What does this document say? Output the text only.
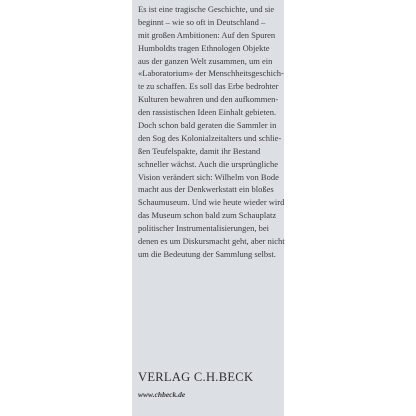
Es ist eine tragische Geschichte, und sie
beginnt – wie so oft in Deutschland –
mit großen Ambitionen: Auf den Spuren
Humboldts tragen Ethnologen Objekte
aus der ganzen Welt zusammen, um ein
«Laboratorium» der Menschheitsgeschich-
te zu schaffen. Es soll das Erbe bedrohter
Kulturen bewahren und den aufkommen-
den rassistischen Ideen Einhalt gebieten.
Doch schon bald geraten die Sammler in
den Sog des Kolonialzeitalters und schlie-
ßen Teufelspakte, damit ihr Bestand
schneller wächst. Auch die ursprüngliche
Vision verändert sich: Wilhelm von Bode
macht aus der Denkwerkstatt ein bloßes
Schaumuseum. Und wie heute wieder wird
das Museum schon bald zum Schauplatz
politischer Instrumentalisierungen, bei
denen es um Diskursmacht geht, aber nicht
um die Bedeutung der Sammlung selbst.
VERLAG C.H.BECK
www.chbeck.de
